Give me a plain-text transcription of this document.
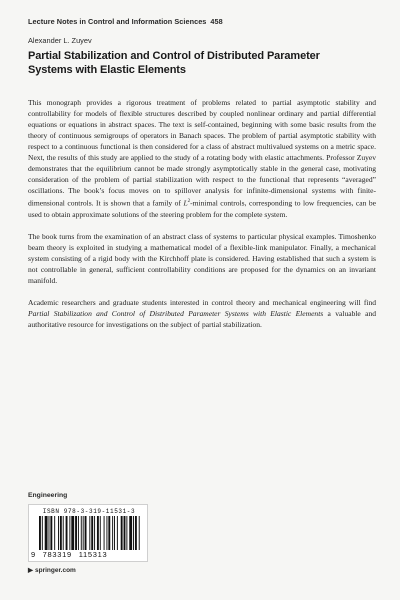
Lecture Notes in Control and Information Sciences 458
Alexander L. Zuyev
Partial Stabilization and Control of Distributed Parameter Systems with Elastic Elements

This monograph provides a rigorous treatment of problems related to partial asymptotic stability and controllability for models of flexible structures described by coupled nonlinear ordinary and partial differential equations or equations in abstract spaces. The text is self-contained, beginning with some basic results from the theory of continuous semigroups of operators in Banach spaces. The problem of partial asymptotic stability with respect to a continuous functional is then considered for a class of abstract multivalued systems on a metric space. Next, the results of this study are applied to the study of a rotating body with elastic attachments. Professor Zuyev demonstrates that the equilibrium cannot be made strongly asymptotically stable in the general case, motivating consideration of the problem of partial stabilization with respect to the functional that represents “averaged” oscillations. The book’s focus moves on to spillover analysis for infinite-dimensional systems with finite-dimensional controls. It is shown that a family of $L^2$-minimal controls, corresponding to low frequencies, can be used to obtain approximate solutions of the steering problem for the complete system.

The book turns from the examination of an abstract class of systems to particular physical examples. Timoshenko beam theory is exploited in studying a mathematical model of a flexible-link manipulator. Finally, a mechanical system consisting of a rigid body with the Kirchhoff plate is considered. Having established that such a system is not controllable in general, sufficient controllability conditions are proposed for the dynamics on an invariant manifold.

Academic researchers and graduate students interested in control theory and mechanical engineering will find Partial Stabilization and Control of Distributed Parameter Systems with Elastic Elements a valuable and authoritative resource for investigations on the subject of partial stabilization.

Engineering
ISBN 978-3-319-11531-3
9 783319 115313
▶ springer.com
